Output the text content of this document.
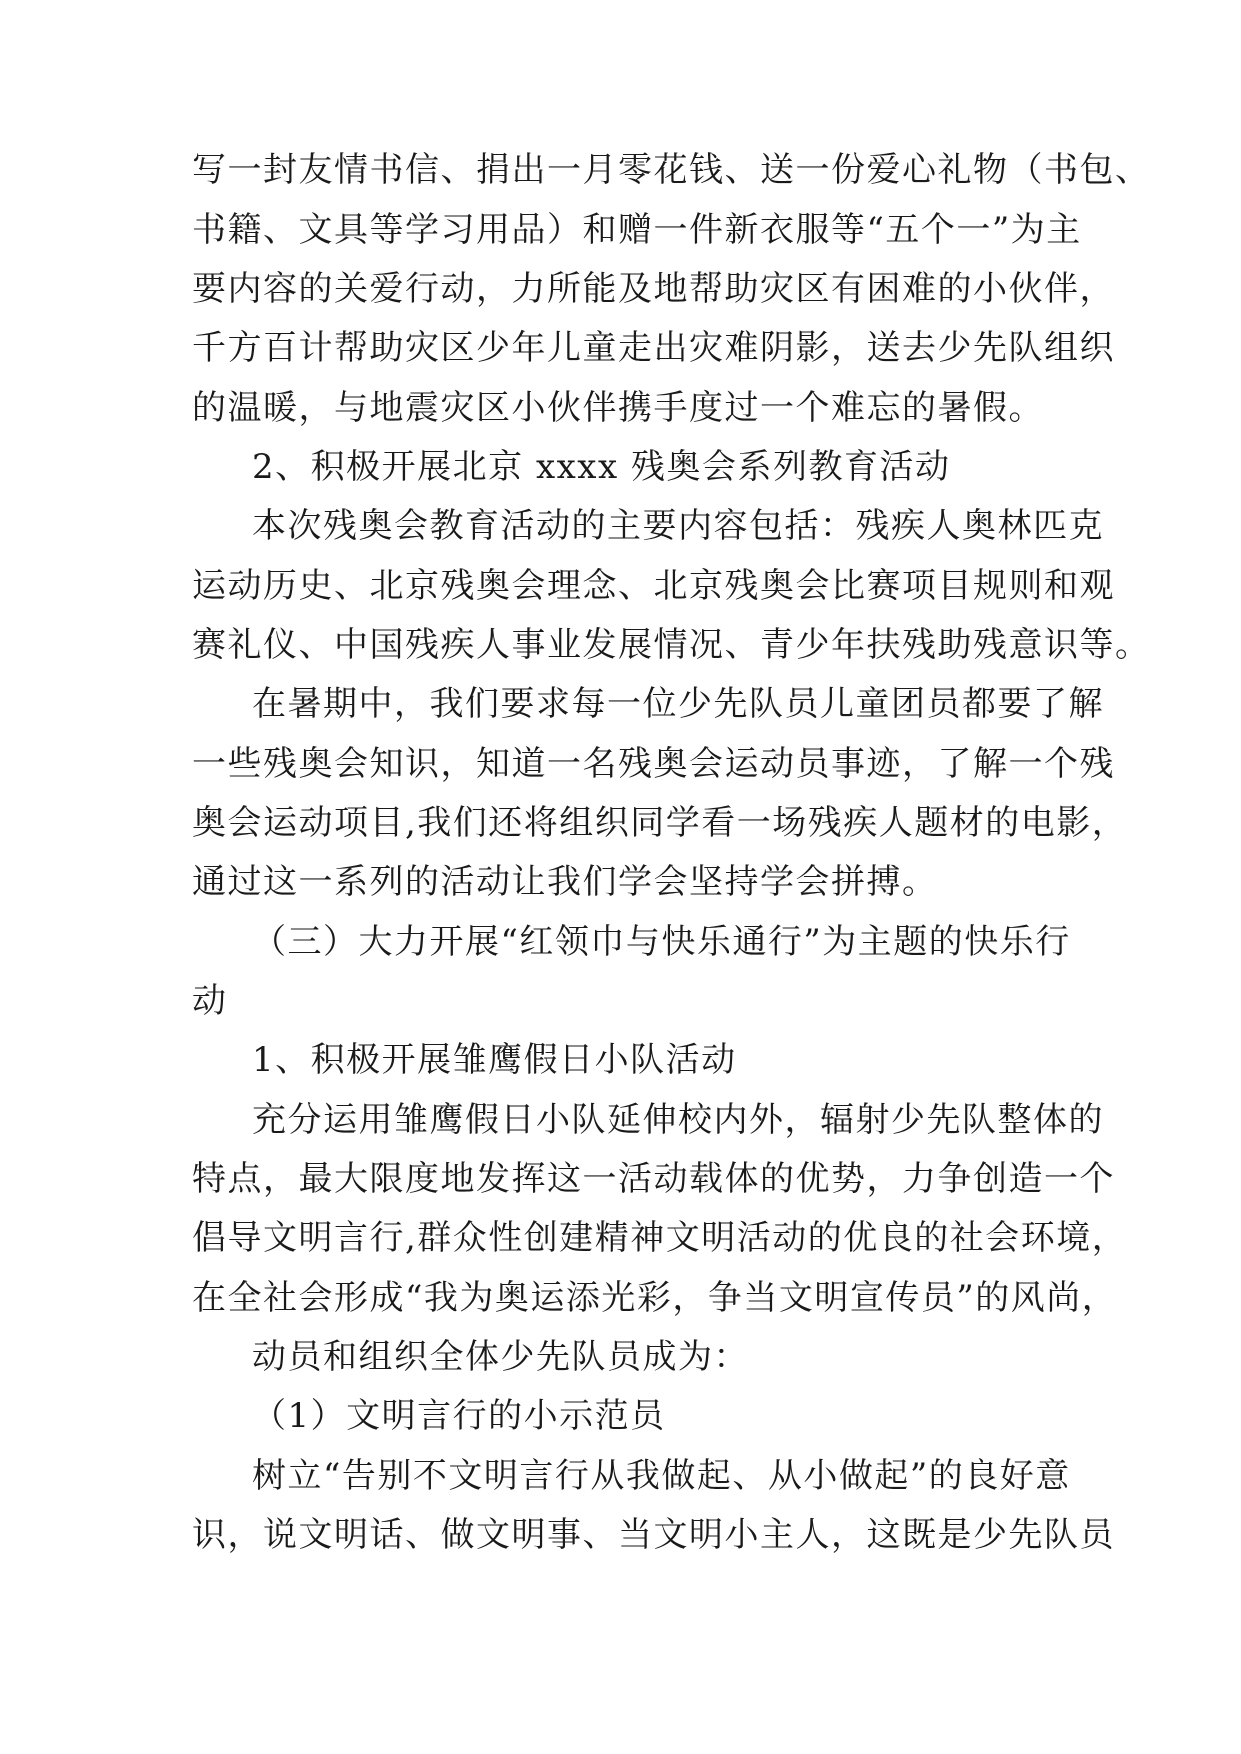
写一封友情书信、捐出一月零花钱、送一份爱心礼物（书包、
书籍、文具等学习用品）和赠一件新衣服等“五个一”为主
要内容的关爱行动，力所能及地帮助灾区有困难的小伙伴，
千方百计帮助灾区少年儿童走出灾难阴影，送去少先队组织
的温暖，与地震灾区小伙伴携手度过一个难忘的暑假。
2、积极开展北京 xxxx 残奥会系列教育活动
本次残奥会教育活动的主要内容包括：残疾人奥林匹克
运动历史、北京残奥会理念、北京残奥会比赛项目规则和观
赛礼仪、中国残疾人事业发展情况、青少年扶残助残意识等。
在暑期中，我们要求每一位少先队员儿童团员都要了解
一些残奥会知识，知道一名残奥会运动员事迹，了解一个残
奥会运动项目,我们还将组织同学看一场残疾人题材的电影，
通过这一系列的活动让我们学会坚持学会拼搏。
（三）大力开展“红领巾与快乐通行”为主题的快乐行
动
1、积极开展雏鹰假日小队活动
充分运用雏鹰假日小队延伸校内外，辐射少先队整体的
特点，最大限度地发挥这一活动载体的优势，力争创造一个
倡导文明言行,群众性创建精神文明活动的优良的社会环境，
在全社会形成“我为奥运添光彩，争当文明宣传员”的风尚，
动员和组织全体少先队员成为：
（1）文明言行的小示范员
树立“告别不文明言行从我做起、从小做起”的良好意
识，说文明话、做文明事、当文明小主人，这既是少先队员
